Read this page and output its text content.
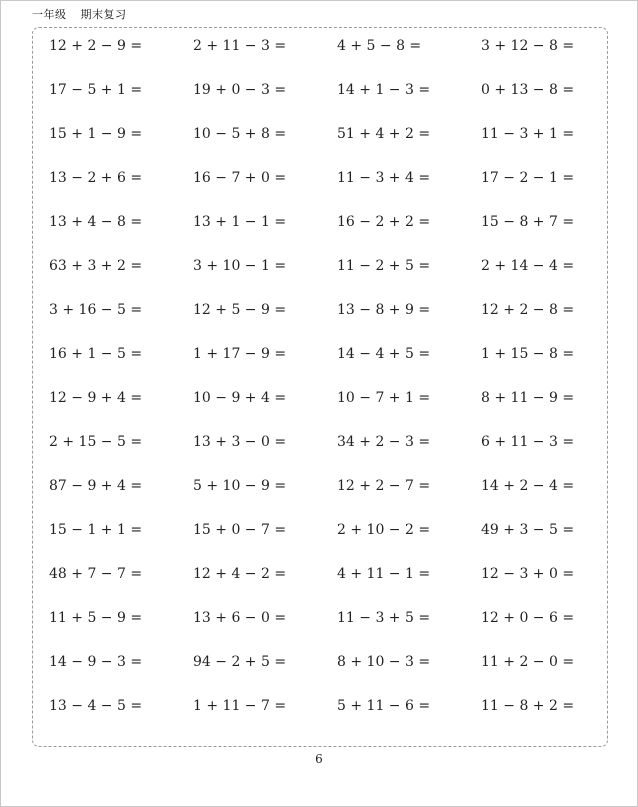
一年级 期末复习
12 + 2 − 9 =	2 + 11 − 3 =	4 + 5 − 8 =	3 + 12 − 8 =
17 − 5 + 1 =	19 + 0 − 3 =	14 + 1 − 3 =	0 + 13 − 8 =
15 + 1 − 9 =	10 − 5 + 8 =	51 + 4 + 2 =	11 − 3 + 1 =
13 − 2 + 6 =	16 − 7 + 0 =	11 − 3 + 4 =	17 − 2 − 1 =
13 + 4 − 8 =	13 + 1 − 1 =	16 − 2 + 2 =	15 − 8 + 7 =
63 + 3 + 2 =	3 + 10 − 1 =	11 − 2 + 5 =	2 + 14 − 4 =
3 + 16 − 5 =	12 + 5 − 9 =	13 − 8 + 9 =	12 + 2 − 8 =
16 + 1 − 5 =	1 + 17 − 9 =	14 − 4 + 5 =	1 + 15 − 8 =
12 − 9 + 4 =	10 − 9 + 4 =	10 − 7 + 1 =	8 + 11 − 9 =
2 + 15 − 5 =	13 + 3 − 0 =	34 + 2 − 3 =	6 + 11 − 3 =
87 − 9 + 4 =	5 + 10 − 9 =	12 + 2 − 7 =	14 + 2 − 4 =
15 − 1 + 1 =	15 + 0 − 7 =	2 + 10 − 2 =	49 + 3 − 5 =
48 + 7 − 7 =	12 + 4 − 2 =	4 + 11 − 1 =	12 − 3 + 0 =
11 + 5 − 9 =	13 + 6 − 0 =	11 − 3 + 5 =	12 + 0 − 6 =
14 − 9 − 3 =	94 − 2 + 5 =	8 + 10 − 3 =	11 + 2 − 0 =
13 − 4 − 5 =	1 + 11 − 7 =	5 + 11 − 6 =	11 − 8 + 2 =
6
